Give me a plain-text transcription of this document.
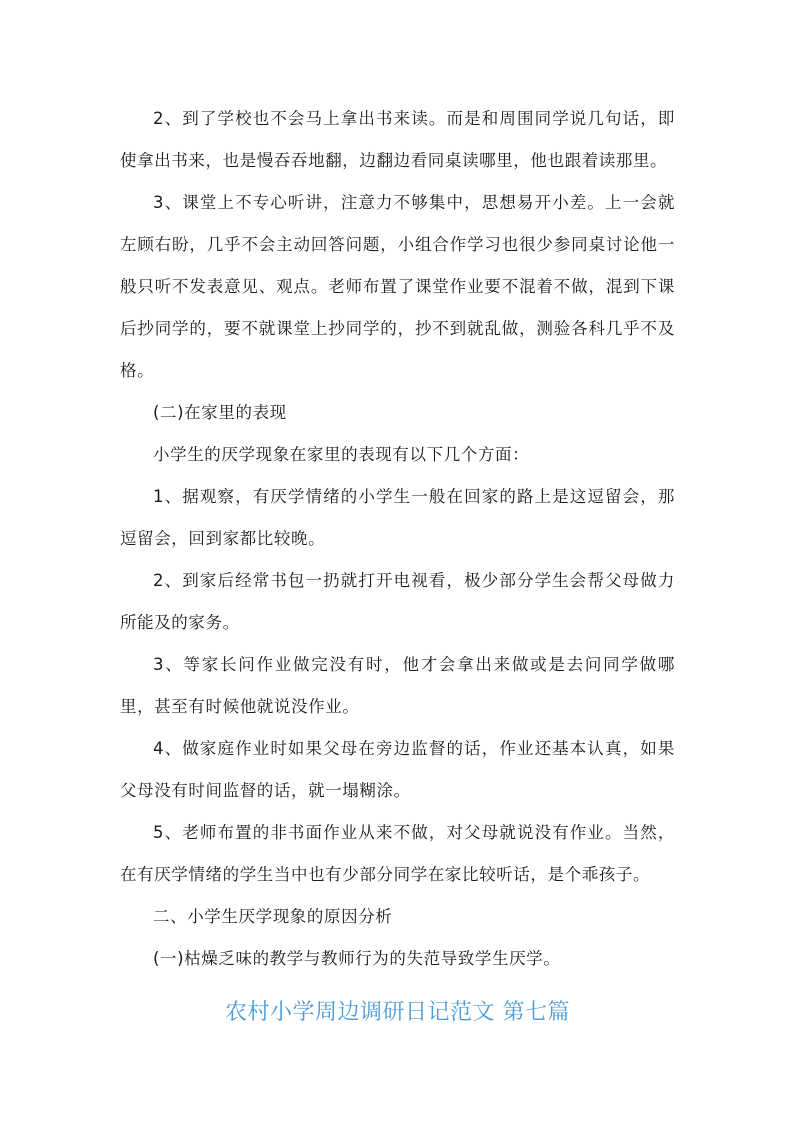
2、到了学校也不会马上拿出书来读。而是和周围同学说几句话，即使拿出书来，也是慢吞吞地翻，边翻边看同桌读哪里，他也跟着读那里。

3、课堂上不专心听讲，注意力不够集中，思想易开小差。上一会就左顾右盼，几乎不会主动回答问题，小组合作学习也很少参同桌讨论他一般只听不发表意见、观点。老师布置了课堂作业要不混着不做，混到下课后抄同学的，要不就课堂上抄同学的，抄不到就乱做，测验各科几乎不及格。

(二)在家里的表现

小学生的厌学现象在家里的表现有以下几个方面：

1、据观察，有厌学情绪的小学生一般在回家的路上是这逗留会，那逗留会，回到家都比较晚。

2、到家后经常书包一扔就打开电视看，极少部分学生会帮父母做力所能及的家务。

3、等家长问作业做完没有时，他才会拿出来做或是去问同学做哪里，甚至有时候他就说没作业。

4、做家庭作业时如果父母在旁边监督的话，作业还基本认真，如果父母没有时间监督的话，就一塌糊涂。

5、老师布置的非书面作业从来不做，对父母就说没有作业。当然，在有厌学情绪的学生当中也有少部分同学在家比较听话，是个乖孩子。

二、小学生厌学现象的原因分析

(一)枯燥乏味的教学与教师行为的失范导致学生厌学。

农村小学周边调研日记范文 第七篇
